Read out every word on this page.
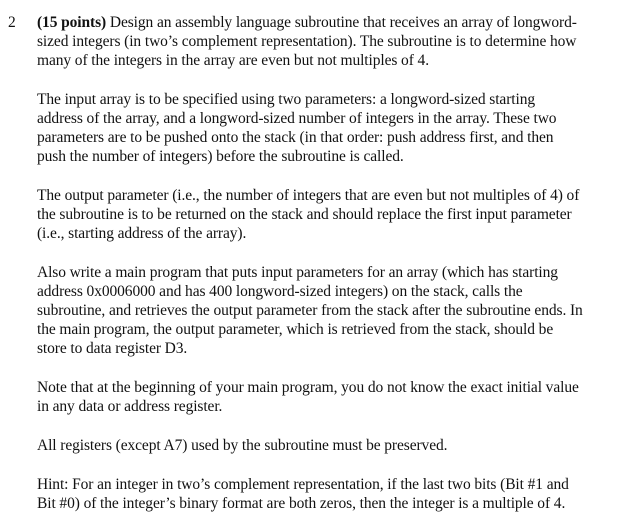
2 (15 points) Design an assembly language subroutine that receives an array of longword-
sized integers (in two’s complement representation). The subroutine is to determine how
many of the integers in the array are even but not multiples of 4.

The input array is to be specified using two parameters: a longword-sized starting
address of the array, and a longword-sized number of integers in the array. These two
parameters are to be pushed onto the stack (in that order: push address first, and then
push the number of integers) before the subroutine is called.

The output parameter (i.e., the number of integers that are even but not multiples of 4) of
the subroutine is to be returned on the stack and should replace the first input parameter
(i.e., starting address of the array).

Also write a main program that puts input parameters for an array (which has starting
address 0x0006000 and has 400 longword-sized integers) on the stack, calls the
subroutine, and retrieves the output parameter from the stack after the subroutine ends. In
the main program, the output parameter, which is retrieved from the stack, should be
store to data register D3.

Note that at the beginning of your main program, you do not know the exact initial value
in any data or address register.

All registers (except A7) used by the subroutine must be preserved.

Hint: For an integer in two’s complement representation, if the last two bits (Bit #1 and
Bit #0) of the integer’s binary format are both zeros, then the integer is a multiple of 4.
